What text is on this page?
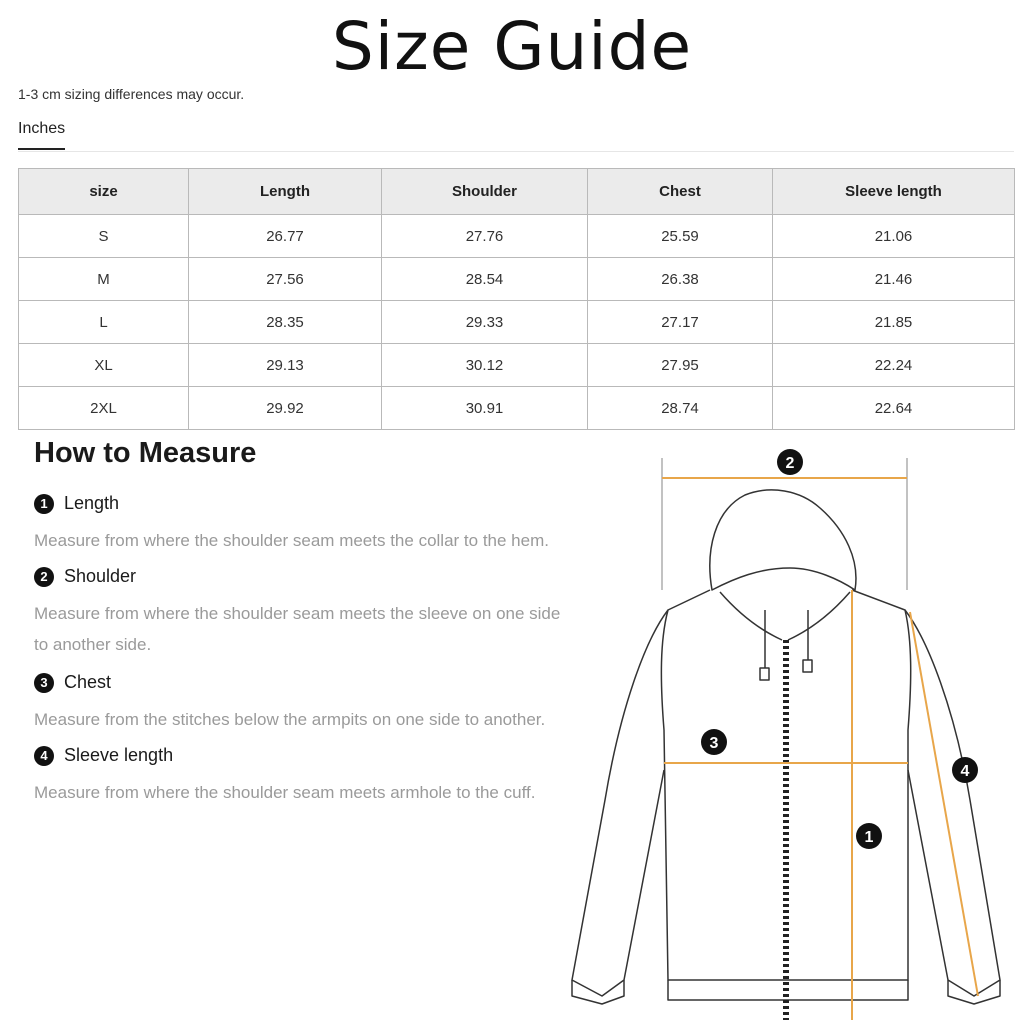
Size Guide
1-3 cm sizing differences may occur.
Inches
size	Length	Shoulder	Chest	Sleeve length
S	26.77	27.76	25.59	21.06
M	27.56	28.54	26.38	21.46
L	28.35	29.33	27.17	21.85
XL	29.13	30.12	27.95	22.24
2XL	29.92	30.91	28.74	22.64
How to Measure
1 Length
Measure from where the shoulder seam meets the collar to the hem.
2 Shoulder
Measure from where the shoulder seam meets the sleeve on one side to another side.
3 Chest
Measure from the stitches below the armpits on one side to another.
4 Sleeve length
Measure from where the shoulder seam meets armhole to the cuff.
2
3
4
1
